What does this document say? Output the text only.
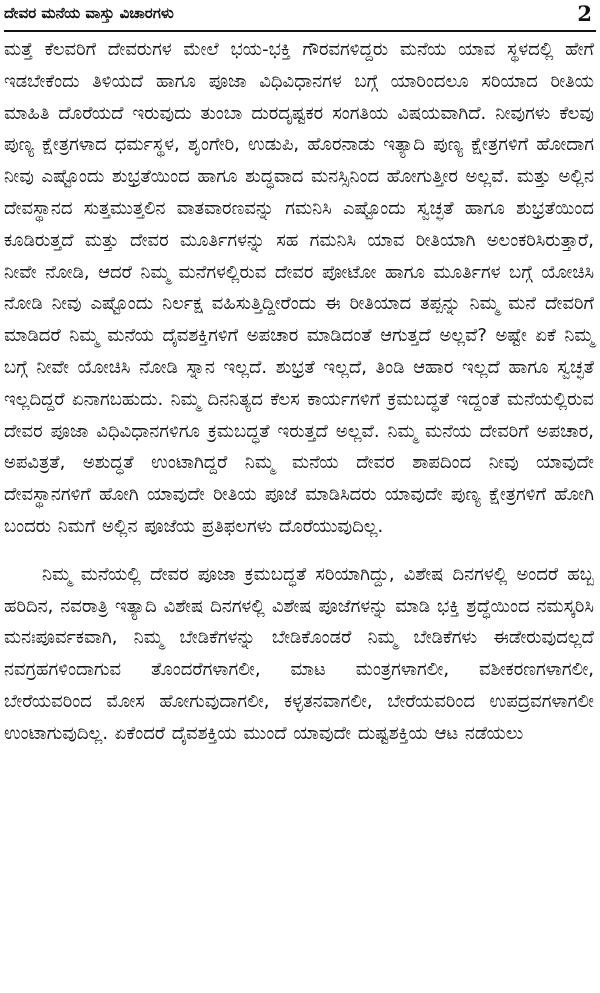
ದೇವರ ಮನೆಯ ವಾಸ್ತು ವಿಚಾರಗಳು	2

ಮತ್ತೆ ಕೆಲವರಿಗೆ ದೇವರುಗಳ ಮೇಲೆ ಭಯ-ಭಕ್ತಿ ಗೌರವಗಳಿದ್ದರು ಮನೆಯ ಯಾವ ಸ್ಥಳದಲ್ಲಿ ಹೇಗೆ ಇಡಬೇಕೆಂದು ತಿಳಿಯದೆ ಹಾಗೂ ಪೂಜಾ ವಿಧಿವಿಧಾನಗಳ ಬಗ್ಗೆ ಯಾರಿಂದಲೂ ಸರಿಯಾದ ರೀತಿಯ ಮಾಹಿತಿ ದೊರೆಯದೆ ಇರುವುದು ತುಂಬಾ ದುರದೃಷ್ಟಕರ ಸಂಗತಿಯ ವಿಷಯವಾಗಿದೆ. ನೀವುಗಳು ಕೆಲವು ಪುಣ್ಯ ಕ್ಷೇತ್ರಗಳಾದ ಧರ್ಮಸ್ಥಳ, ಶೃಂಗೇರಿ, ಉಡುಪಿ, ಹೊರನಾಡು ಇತ್ಯಾದಿ ಪುಣ್ಯ ಕ್ಷೇತ್ರಗಳಿಗೆ ಹೋದಾಗ ನೀವು ಎಷ್ಟೊಂದು ಶುಭ್ರತೆಯಿಂದ ಹಾಗೂ ಶುದ್ಧವಾದ ಮನಸ್ಸಿನಿಂದ ಹೋಗುತ್ತೀರ ಅಲ್ಲವೆ. ಮತ್ತು ಅಲ್ಲಿನ ದೇವಸ್ಥಾನದ ಸುತ್ತಮುತ್ತಲಿನ ವಾತವಾರಣವನ್ನು ಗಮನಿಸಿ ಎಷ್ಟೊಂದು ಸ್ವಚ್ಛತೆ ಹಾಗೂ ಶುಭ್ರತೆಯಿಂದ ಕೂಡಿರುತ್ತದೆ ಮತ್ತು ದೇವರ ಮೂರ್ತಿಗಳನ್ನು ಸಹ ಗಮನಿಸಿ ಯಾವ ರೀತಿಯಾಗಿ ಅಲಂಕರಿಸಿರುತ್ತಾರೆ, ನೀವೇ ನೋಡಿ, ಆದರೆ ನಿಮ್ಮ ಮನೆಗಳಲ್ಲಿರುವ ದೇವರ ಪೋಟೋ ಹಾಗೂ ಮೂರ್ತಿಗಳ ಬಗ್ಗೆ ಯೋಚಿಸಿ ನೋಡಿ ನೀವು ಎಷ್ಟೊಂದು ನಿರ್ಲಕ್ಷ ವಹಿಸುತ್ತಿದ್ದೀರೆಂದು ಈ ರೀತಿಯಾದ ತಪ್ಪನ್ನು ನಿಮ್ಮ ಮನೆ ದೇವರಿಗೆ ಮಾಡಿದರೆ ನಿಮ್ಮ ಮನೆಯ ದೈವಶಕ್ತಿಗಳಿಗೆ ಅಪಚಾರ ಮಾಡಿದಂತೆ ಆಗುತ್ತದೆ ಅಲ್ಲವೆ? ಅಷ್ಟೇ ಏಕೆ ನಿಮ್ಮ ಬಗ್ಗೆ ನೀವೇ ಯೋಚಿಸಿ ನೋಡಿ ಸ್ನಾನ ಇಲ್ಲದೆ. ಶುಭ್ರತೆ ಇಲ್ಲದೆ, ತಿಂಡಿ ಆಹಾರ ಇಲ್ಲದೆ ಹಾಗೂ ಸ್ವಚ್ಛತೆ ಇಲ್ಲದಿದ್ದರೆ ಏನಾಗಬಹುದು. ನಿಮ್ಮ ದಿನನಿತ್ಯದ ಕೆಲಸ ಕಾರ್ಯಗಳಿಗೆ ಕ್ರಮಬದ್ಧತೆ ಇದ್ದಂತೆ ಮನೆಯಲ್ಲಿರುವ ದೇವರ ಪೂಜಾ ವಿಧಿವಿಧಾನಗಳಿಗೂ ಕ್ರಮಬದ್ಧತೆ ಇರುತ್ತದೆ ಅಲ್ಲವೆ. ನಿಮ್ಮ ಮನೆಯ ದೇವರಿಗೆ ಅಪಚಾರ, ಅಪವಿತ್ರತೆ, ಅಶುದ್ಧತೆ ಉಂಟಾಗಿದ್ದರೆ ನಿಮ್ಮ ಮನೆಯ ದೇವರ ಶಾಪದಿಂದ ನೀವು ಯಾವುದೇ ದೇವಸ್ಥಾನಗಳಿಗೆ ಹೋಗಿ ಯಾವುದೇ ರೀತಿಯ ಪೂಜೆ ಮಾಡಿಸಿದರು ಯಾವುದೇ ಪುಣ್ಯ ಕ್ಷೇತ್ರಗಳಿಗೆ ಹೋಗಿ ಬಂದರು ನಿಮಗೆ ಅಲ್ಲಿನ ಪೂಜೆಯ ಪ್ರತಿಫಲಗಳು ದೊರೆಯುವುದಿಲ್ಲ.

ನಿಮ್ಮ ಮನೆಯಲ್ಲಿ ದೇವರ ಪೂಜಾ ಕ್ರಮಬದ್ಧತೆ ಸರಿಯಾಗಿದ್ದು, ವಿಶೇಷ ದಿನಗಳಲ್ಲಿ ಅಂದರೆ ಹಬ್ಬ ಹರಿದಿನ, ನವರಾತ್ರಿ ಇತ್ಯಾದಿ ವಿಶೇಷ ದಿನಗಳಲ್ಲಿ ವಿಶೇಷ ಪೂಜೆಗಳನ್ನು ಮಾಡಿ ಭಕ್ತಿ ಶ್ರದ್ಧೆಯಿಂದ ನಮಸ್ಕರಿಸಿ ಮನಃಪೂರ್ವಕವಾಗಿ, ನಿಮ್ಮ ಬೇಡಿಕೆಗಳನ್ನು ಬೇಡಿಕೊಂಡರೆ ನಿಮ್ಮ ಬೇಡಿಕೆಗಳು ಈಡೇರುವುದಲ್ಲದೆ ನವಗ್ರಹಗಳಿಂದಾಗುವ ತೊಂದರೆಗಳಾಗಲೀ, ಮಾಟ ಮಂತ್ರಗಳಾಗಲೀ, ವಶೀಕರಣಗಳಾಗಲೀ, ಬೇರೆಯವರಿಂದ ಮೋಸ ಹೋಗುವುದಾಗಲೀ, ಕಳ್ಳತನವಾಗಲೀ, ಬೇರೆಯವರಿಂದ ಉಪದ್ರವಗಳಾಗಲೀ ಉಂಟಾಗುವುದಿಲ್ಲ. ಏಕೆಂದರೆ ದೈವಶಕ್ತಿಯ ಮುಂದೆ ಯಾವುದೇ ದುಷ್ಟಶಕ್ತಿಯ ಆಟ ನಡೆಯಲು
